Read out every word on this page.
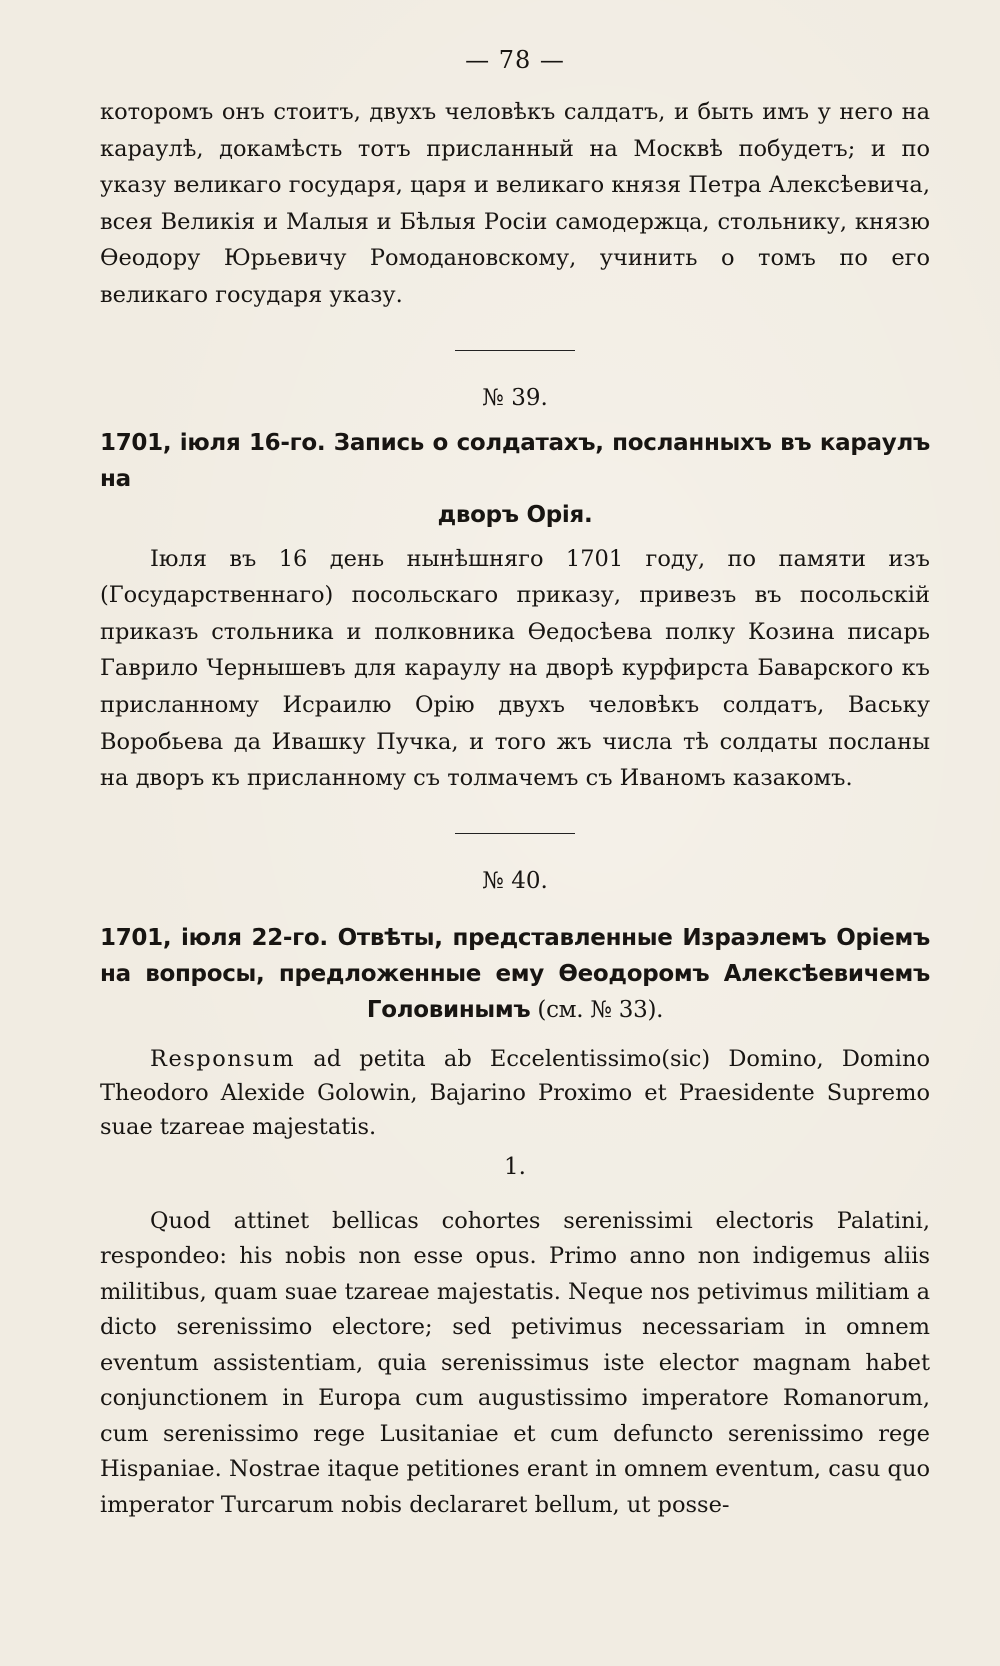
— 78 —

которомъ онъ стоитъ, двухъ человѣкъ салдатъ, и быть имъ у него на караулѣ, докамѣсть тотъ присланный на Москвѣ побудетъ; и по указу великаго государя, царя и великаго князя Петра Алексѣевича, всея Великія и Малыя и Бѣлыя Росіи самодержца, стольнику, князю Ѳеодору Юрьевичу Ромодановскому, учинить о томъ по его великаго государя указу.

№ 39.
1701, іюля 16-го. Запись о солдатахъ, посланныхъ въ караулъ на
дворъ Орія.

Іюля въ 16 день нынѣшняго 1701 году, по памяти изъ (Государственнаго) посольскаго приказу, привезъ въ посольскій приказъ стольника и полковника Ѳедосѣева полку Козина писарь Гаврило Чернышевъ для караулу на дворѣ курфирста Баварского къ присланному Исраилю Орію двухъ человѣкъ солдатъ, Ваську Воробьева да Ивашку Пучка, и того жъ числа тѣ солдаты посланы на дворъ къ присланному съ толмачемъ съ Иваномъ казакомъ.

№ 40.
1701, іюля 22-го. Отвѣты, представленные Израэлемъ Оріемъ на вопросы, предложенные ему Ѳеодоромъ Алексѣевичемъ Головинымъ (см. № 33).

Responsum ad petita ab Eccelentissimo(sic) Domino, Domino Theodoro Alexide Golowin, Bajarino Proximo et Praesidente Supremo suae tzareae majestatis.

1.

Quod attinet bellicas cohortes serenissimi electoris Palatini, respondeo: his nobis non esse opus. Primo anno non indigemus aliis militibus, quam suae tzareae majestatis. Neque nos petivimus militiam a dicto serenissimo electore; sed petivimus necessariam in omnem eventum assistentiam, quia serenissimus iste elector magnam habet conjunctionem in Europa cum augustissimo imperatore Romanorum, cum serenissimo rege Lusitaniae et cum defuncto serenissimo rege Hispaniae. Nostrae itaque petitiones erant in omnem eventum, casu quo imperator Turcarum nobis declararet bellum, ut posse-
